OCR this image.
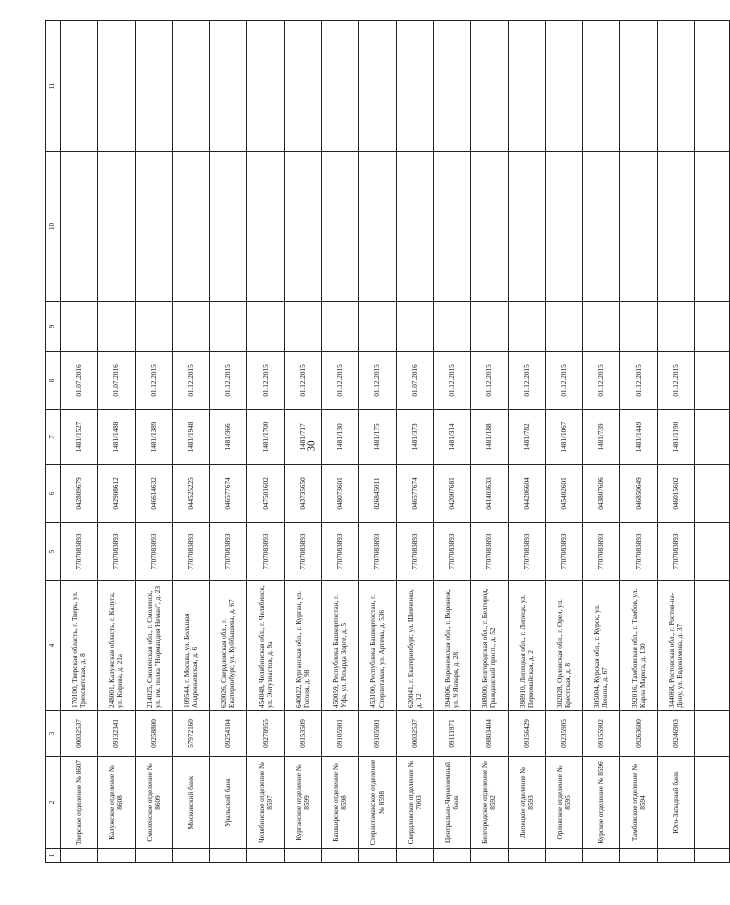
30
1	2	3	4	5	6	7	8	9	10	11
	Тверское отделение № 8607	00032537	170100, Тверская область, г. Тверь, ул. Трехсвятская, д. 8	7707083893	042809679	1481/1527	01.07.2016			
	Калужское отделение № 8608	09132341	248001, Калужская область, г. Калуга, ул. Кирова, д. 21а	7707083893	042908612	1481/1488	01.07.2016			
	Смоленское отделение № 8609	09258800	214025, Смоленская обл., г. Смоленск, ул. им. полка "Нормандия Неман", д. 23	7707083893	046614632	1481/1389	01.12.2015			
	Московский банк	57972160	109544, г. Москва, ул. Большая Андроньевская, д. 6	7707083893	044525225	1481/1948	01.12.2015			
	Уральский банк	09254104	620026, Свердловская обл., г. Екатеринбург, ул. Куйбышева, д. 67	7707083893	046577674	1481/366	01.12.2015			
	Челябинское отделение № 8597	09278955	454048, Челябинская обл., г. Челябинск, ул. Энтузиастов, д. 9а	7707083893	047501602	1481/1700	01.12.2015			
	Курганское отделение № 8599	09153509	640022, Курганская обл., г. Курган, ул. Гоголя, д. 98	7707083893	043735650	1481/717	01.12.2015			
	Башкирское отделение № 8598	09105901	450059, Республика Башкортостан, г. Уфа, ул. Рихарда Зорге, д. 5	7707083893	048073601	1481/130	01.12.2015			
	Стерлитамакское отделение № 8598	09105901	453100, Республика Башкортостан, г. Стерлитамак, ул. Артема, д. 536	7707083893	026845011	1481/175	01.12.2015			
	Свердловское отделение № 7003	00032537	620041, г. Екатеринбург, ул. Шевченко, д. 12	7707083893	046577674	1481/373	01.07.2016			
	Центрально-Черноземный банк	09111971	394006, Воронежская обл., г. Воронеж, ул. 9 Января, д. 28	7707083893	042007681	1481/314	01.12.2015			
	Белгородское отделение № 8592	09803404	308000, Белгородская обл., г. Белгород, Гражданский просп., д. 52	7707083893	041403633	1481/188	01.12.2015			
	Липецкое отделение № 8593	09156429	398910, Липецкая обл., г. Липецк, ул. Первомайская, д. 2	7707083893	044206604	1481/782	01.12.2015			
	Орловское отделение № 8595	09235905	302028, Орловская обл., г. Орел, ул. Брестская, д. 8	7707083893	045402601	1481/1067	01.12.2015			
	Курское отделение № 8596	09155902	305004, Курская обл., г. Курск, ул. Ленина, д. 67	7707083893	043807606	1481/739	01.12.2015			
	Тамбовское отделение № 8594	09263600	392016, Тамбовская обл., г. Тамбов, ул. Карла Маркса, д. 130	7707083893	046850649	1481/1449	01.12.2015			
	Юго-Западный банк	09246903	344068, Ростовская обл., г. Ростов-на-Дону, ул. Евдокимова, д. 37	7707083893	046015602	1481/1190	01.12.2015			
